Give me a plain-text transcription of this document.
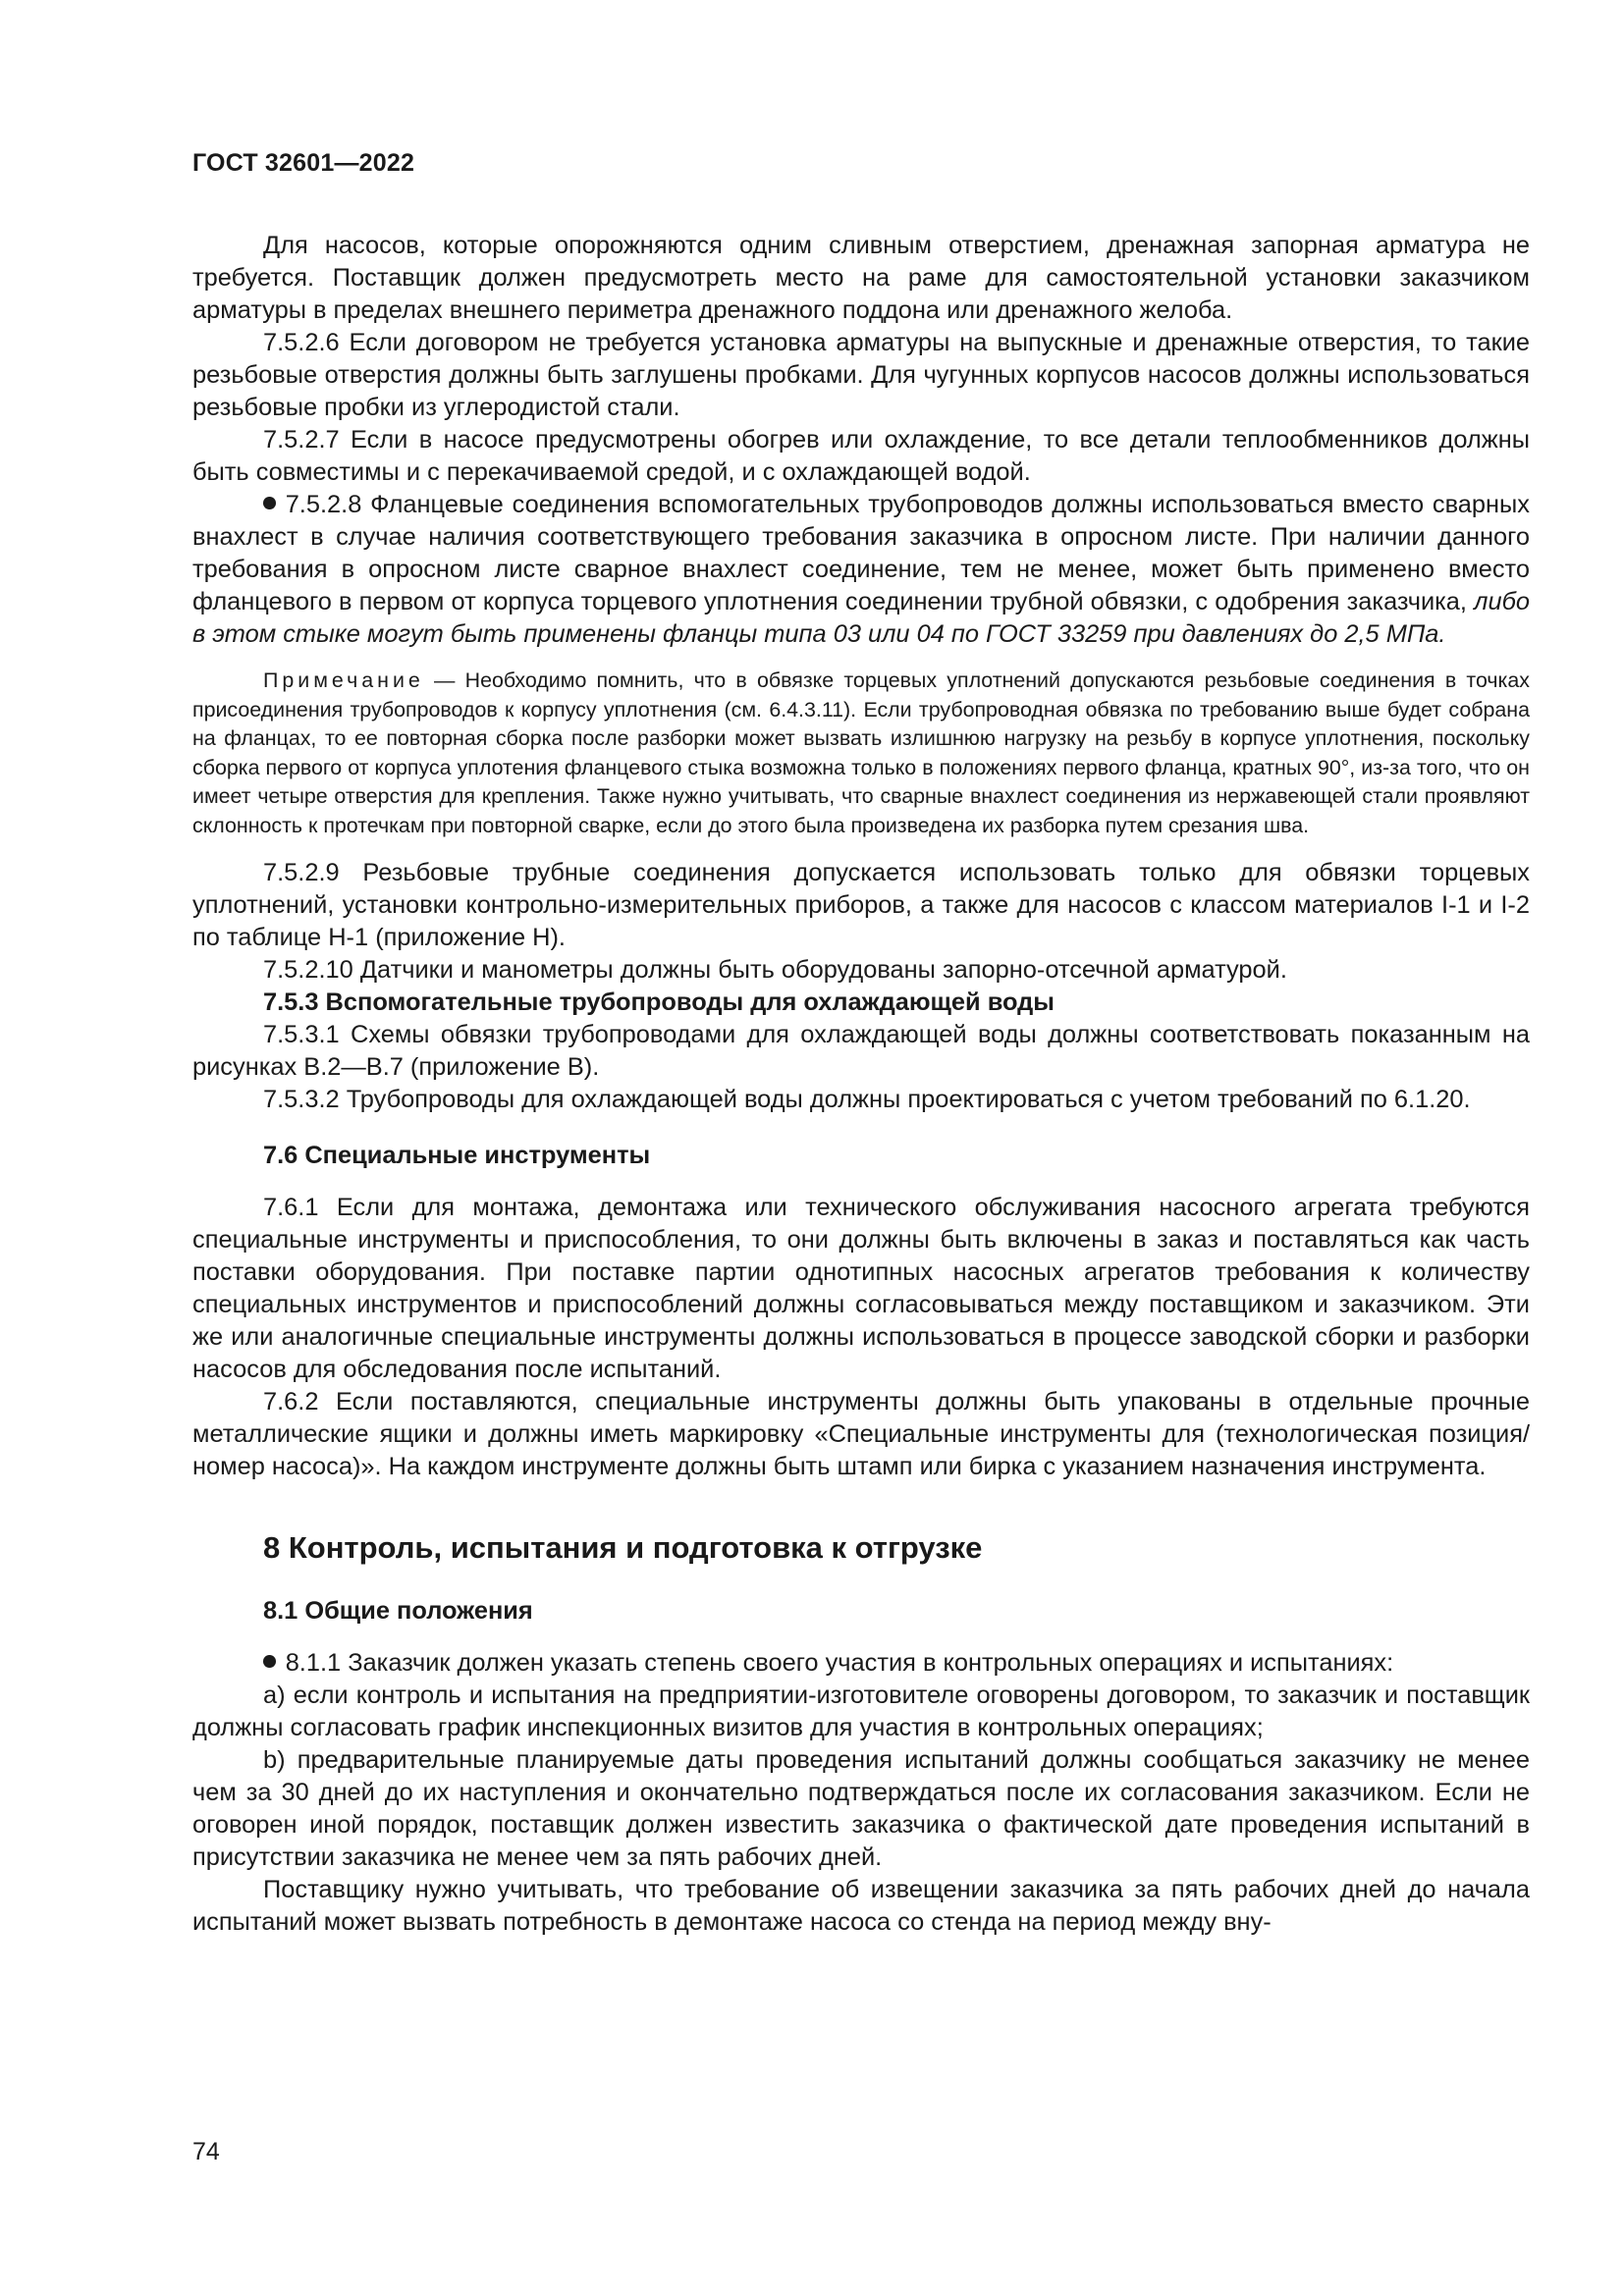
ГОСТ 32601—2022

Для насосов, которые опорожняются одним сливным отверстием, дренажная запорная арматура не требуется. Поставщик должен предусмотреть место на раме для самостоятельной установки заказчиком арматуры в пределах внешнего периметра дренажного поддона или дренажного желоба.

7.5.2.6 Если договором не требуется установка арматуры на выпускные и дренажные отверстия, то такие резьбовые отверстия должны быть заглушены пробками. Для чугунных корпусов насосов должны использоваться резьбовые пробки из углеродистой стали.

7.5.2.7 Если в насосе предусмотрены обогрев или охлаждение, то все детали теплообменников должны быть совместимы и с перекачиваемой средой, и с охлаждающей водой.

7.5.2.8 Фланцевые соединения вспомогательных трубопроводов должны использоваться вместо сварных внахлест в случае наличия соответствующего требования заказчика в опросном листе. При наличии данного требования в опросном листе сварное внахлест соединение, тем не менее, может быть применено вместо фланцевого в первом от корпуса торцевого уплотнения соединении трубной обвязки, с одобрения заказчика, либо в этом стыке могут быть применены фланцы типа 03 или 04 по ГОСТ 33259 при давлениях до 2,5 МПа.

Примечание — Необходимо помнить, что в обвязке торцевых уплотнений допускаются резьбовые соединения в точках присоединения трубопроводов к корпусу уплотнения (см. 6.4.3.11). Если трубопроводная обвязка по требованию выше будет собрана на фланцах, то ее повторная сборка после разборки может вызвать излишнюю нагрузку на резьбу в корпусе уплотнения, поскольку сборка первого от корпуса уплотения фланцевого стыка возможна только в положениях первого фланца, кратных 90°, из-за того, что он имеет четыре отверстия для крепления. Также нужно учитывать, что сварные внахлест соединения из нержавеющей стали проявляют склонность к протечкам при повторной сварке, если до этого была произведена их разборка путем срезания шва.

7.5.2.9 Резьбовые трубные соединения допускается использовать только для обвязки торцевых уплотнений, установки контрольно-измерительных приборов, а также для насосов с классом материалов I-1 и I-2 по таблице Н-1 (приложение Н).

7.5.2.10 Датчики и манометры должны быть оборудованы запорно-отсечной арматурой.

7.5.3 Вспомогательные трубопроводы для охлаждающей воды

7.5.3.1 Схемы обвязки трубопроводами для охлаждающей воды должны соответствовать показанным на рисунках В.2—В.7 (приложение В).

7.5.3.2 Трубопроводы для охлаждающей воды должны проектироваться с учетом требований по 6.1.20.

7.6 Специальные инструменты

7.6.1 Если для монтажа, демонтажа или технического обслуживания насосного агрегата требуются специальные инструменты и приспособления, то они должны быть включены в заказ и поставляться как часть поставки оборудования. При поставке партии однотипных насосных агрегатов требования к количеству специальных инструментов и приспособлений должны согласовываться между поставщиком и заказчиком. Эти же или аналогичные специальные инструменты должны использоваться в процессе заводской сборки и разборки насосов для обследования после испытаний.

7.6.2 Если поставляются, специальные инструменты должны быть упакованы в отдельные прочные металлические ящики и должны иметь маркировку «Специальные инструменты для (технологическая позиция/номер насоса)». На каждом инструменте должны быть штамп или бирка с указанием назначения инструмента.

8 Контроль, испытания и подготовка к отгрузке
8.1 Общие положения

8.1.1 Заказчик должен указать степень своего участия в контрольных операциях и испытаниях:

a) если контроль и испытания на предприятии-изготовителе оговорены договором, то заказчик и поставщик должны согласовать график инспекционных визитов для участия в контрольных операциях;

b) предварительные планируемые даты проведения испытаний должны сообщаться заказчику не менее чем за 30 дней до их наступления и окончательно подтверждаться после их согласования заказчиком. Если не оговорен иной порядок, поставщик должен известить заказчика о фактической дате проведения испытаний в присутствии заказчика не менее чем за пять рабочих дней.

Поставщику нужно учитывать, что требование об извещении заказчика за пять рабочих дней до начала испытаний может вызвать потребность в демонтаже насоса со стенда на период между вну-

74
